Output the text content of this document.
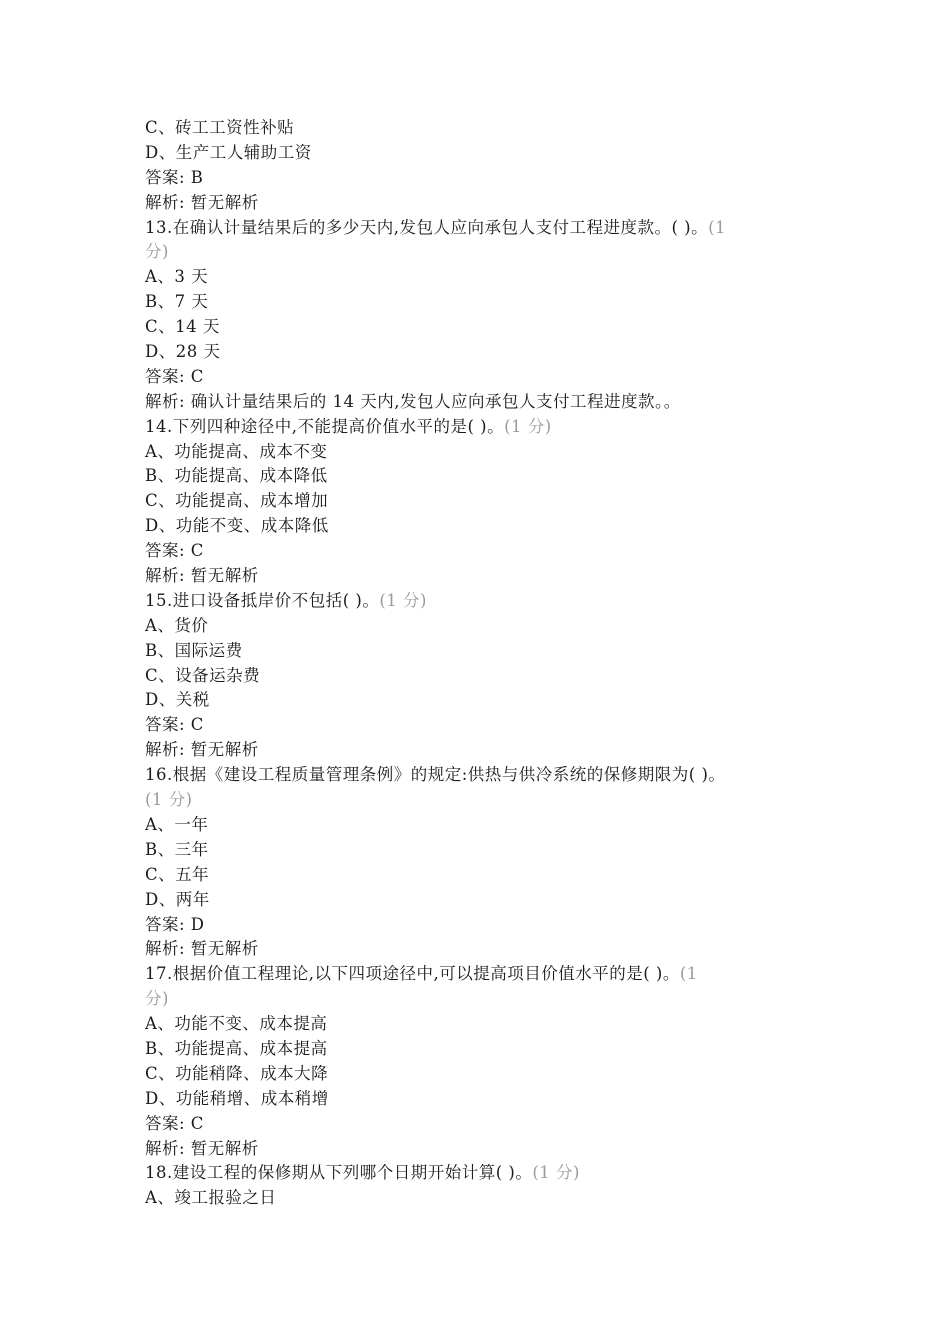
C、砖工工资性补贴
D、生产工人辅助工资
答案: B
解析: 暂无解析
13.在确认计量结果后的多少天内,发包人应向承包人支付工程进度款。( )。(1
分)
A、3 天
B、7 天
C、14 天
D、28 天
答案: C
解析: 确认计量结果后的 14 天内,发包人应向承包人支付工程进度款。。
14.下列四种途径中,不能提高价值水平的是( )。(1 分)
A、功能提高、成本不变
B、功能提高、成本降低
C、功能提高、成本增加
D、功能不变、成本降低
答案: C
解析: 暂无解析
15.进口设备抵岸价不包括( )。(1 分)
A、货价
B、国际运费
C、设备运杂费
D、关税
答案: C
解析: 暂无解析
16.根据《建设工程质量管理条例》的规定:供热与供冷系统的保修期限为( )。
(1 分)
A、一年
B、三年
C、五年
D、两年
答案: D
解析: 暂无解析
17.根据价值工程理论,以下四项途径中,可以提高项目价值水平的是( )。(1
分)
A、功能不变、成本提高
B、功能提高、成本提高
C、功能稍降、成本大降
D、功能稍增、成本稍增
答案: C
解析: 暂无解析
18.建设工程的保修期从下列哪个日期开始计算( )。(1 分)
A、竣工报验之日
